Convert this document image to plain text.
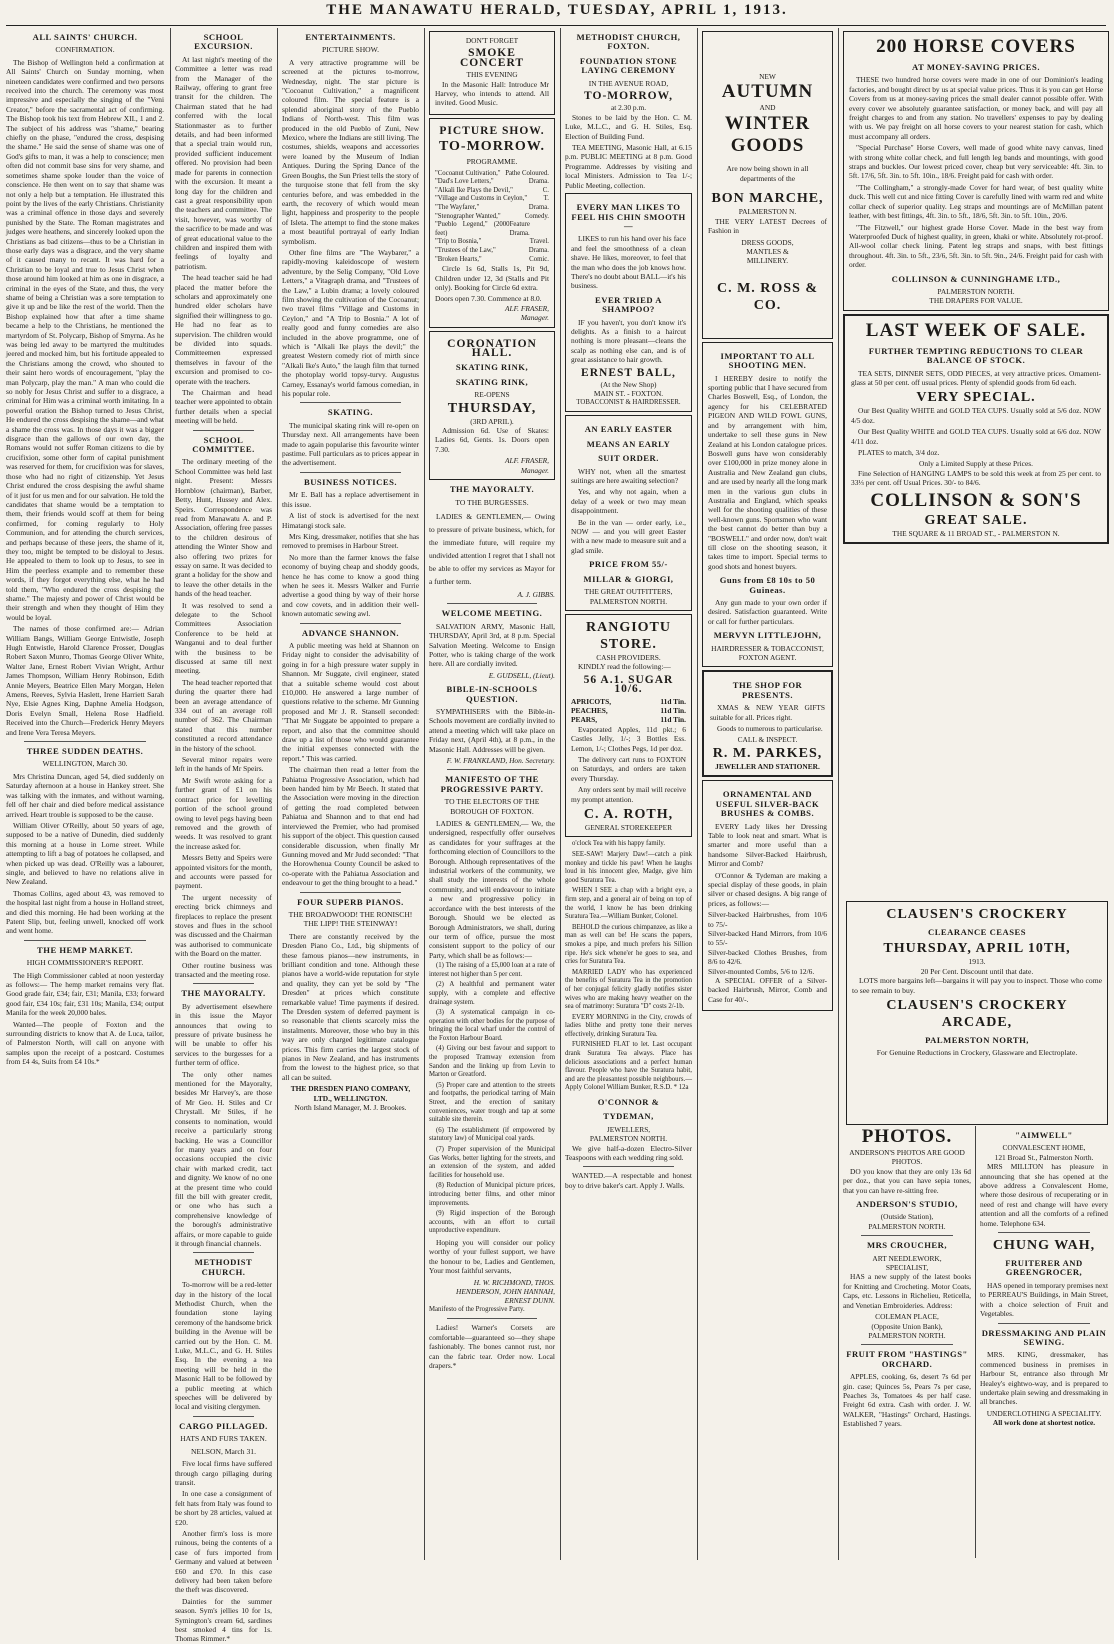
THE MANAWATU HERALD, TUESDAY, APRIL 1, 1913.
ALL SAINTS' CHURCH.
CONFIRMATION.

The Bishop of Wellington held a confirmation at All Saints' Church on Sunday morning, when nineteen candidates were confirmed and two persons received into the church. The ceremony was most impressive and especially the singing of the "Veni Creator," before the sacramental act of confirming. The Bishop took his text from Hebrew XII., 1 and 2. The subject of his address was "shame," bearing chiefly on the phase, "endured the cross, despising the shame." He said the sense of shame was one of God's gifts to man, it was a help to conscience; men often did not commit base sins for very shame, and sometimes shame spoke louder than the voice of conscience. He then went on to say that shame was not only a help but a temptation. He illustrated this point by the lives of the early Christians. Christianity was a criminal offence in those days and severely punished by the State. The Roman magistrates and judges were heathens, and sincerely looked upon the Christians as bad citizens—thus to be a Christian in those early days was a disgrace, and the very shame of it caused many to recant. It was hard for a Christian to be loyal and true to Jesus Christ when those around him looked at him as one in disgrace, a criminal in the eyes of the State, and thus, the very shame of being a Christian was a sore temptation to give it up and be like the rest of the world. Then the Bishop explained how that after a time shame became a help to the Christians, he mentioned the martyrdom of St. Polycarp, Bishop of Smyrna. As he was being led away to be martyred the multitudes jeered and mocked him, but his fortitude appealed to the Christians among the crowd, who shouted to their saint hero words of encouragement, "play the man Polycarp, play the man." A man who could die so nobly for Jesus Christ and suffer to a disgrace, a criminal for Him was a criminal worth imitating. In a powerful oration the Bishop turned to Jesus Christ, He endured the cross despising the shame—and what a shame the cross was. In those days it was a bigger disgrace than the gallows of our own day, the Romans would not suffer Roman citizens to die by crucifixion, some other form of capital punishment was reserved for them, for crucifixion was for slaves, those who had no right of citizenship. Yet Jesus Christ endured the cross despising the awful shame of it just for us men and for our salvation. He told the candidates that shame would be a temptation to them, their friends would scoff at them for being confirmed, for coming regularly to Holy Communion, and for attending the church services, and perhaps because of these jeers, the shame of it, they too, might be tempted to be disloyal to Jesus. He appealed to them to look up to Jesus, to see in Him the peerless example and to remember these words, if they forgot everything else, what he had told them, "Who endured the cross despising the shame." The majesty and power of Christ would be their strength and when they thought of Him they would be loyal.

The names of those confirmed are:— Adrian William Bangs, William George Entwistle, Joseph Hugh Entwistle, Harold Clarence Prosser, Douglas Robert Saxon Munro, Thomas George Oliver White, Walter Jane, Ernest Robert Vivian Wright, Arthur James Thompson, William Henry Robinson, Edith Annie Meyers, Beatrice Ellen Mary Morgan, Helen Amens, Reeves, Sylvia Haslett, Irene Harriett Sarah Nye, Elsie Agnes King, Daphne Amelia Hodgson, Doris Evelyn Small, Helena Rose Hadfield. Received into the Church—Frederick Henry Meyers and Irene Vera Teresa Meyers.

THREE SUDDEN DEATHS.
WELLINGTON, March 30.

Mrs Christina Duncan, aged 54, died suddenly on Saturday afternoon at a house in Hankey street. She was talking with the inmates, and without warning, fell off her chair and died before medical assistance arrived. Heart trouble is supposed to be the cause.

William Oliver O'Reilly, about 50 years of age, supposed to be a native of Dunedin, died suddenly this morning at a house in Lorne street. While attempting to lift a bag of potatoes he collapsed, and when picked up was dead. O'Reilly was a labourer, single, and believed to have no relations alive in New Zealand.

Thomas Collins, aged about 43, was removed to the hospital last night from a house in Holland street, and died this morning. He had been working at the Patent Slip, but, feeling unwell, knocked off work and went home.

THE HEMP MARKET.
HIGH COMMISSIONER'S REPORT.

The High Commissioner cabled at noon yesterday as follows:— The hemp market remains very flat. Good grade fair, £34; fair, £31; Manila, £33; forward good fair, £34 10s; fair, £31 10s; Manila, £34; output Manila for the week 20,000 bales.

Wanted—The people of Foxton and the surrounding districts to know that A. de Luca, tailor, of Palmerston North, will call on anyone with samples upon the receipt of a postcard. Costumes from £4 4s, Suits from £4 10s.*

SCHOOL EXCURSION.

At last night's meeting of the Committee a letter was read from the Manager of the Railway, offering to grant free transit for the children. The Chairman stated that he had conferred with the local Stationmaster as to further details, and had been informed that a special train would run, provided sufficient inducement offered. No provision had been made for parents in connection with the excursion. It meant a long day for the children and cast a great responsibility upon the teachers and committee. The visit, however, was worthy of the sacrifice to be made and was of great educational value to the children and inspired them with feelings of loyalty and patriotism.

The head teacher said he had placed the matter before the scholars and approximately one hundred elder scholars have signified their willingness to go. He had no fear as to supervision. The children would be divided into squads. Committeemen expressed themselves in favour of the excursion and promised to co-operate with the teachers.

The Chairman and head teacher were appointed to obtain further details when a special meeting will be held.

SCHOOL COMMITTEE.

The ordinary meeting of the School Committee was held last night. Present: Messrs Hornblow (chairman), Barber, Betty, Hunt, Hussey and Alex. Speirs. Correspondence was read from Manawatu A. and P. Association, offering free passes to the children desirous of attending the Winter Show and also offering two prizes for essay on same. It was decided to grant a holiday for the show and to leave the other details in the hands of the head teacher.

It was resolved to send a delegate to the School Committees Association Conference to be held at Wanganui and to deal further with the business to be discussed at same till next meeting.

The head teacher reported that during the quarter there had been an average attendance of 334 out of an average roll number of 362. The Chairman stated that this number constituted a record attendance in the history of the school.

Several minor repairs were left in the hands of Mr Speirs.

Mr Swift wrote asking for a further grant of £1 on his contract price for levelling portion of the school ground owing to level pegs having been removed and the growth of weeds. It was resolved to grant the increase asked for.

Messrs Betty and Speirs were appointed visitors for the month, and accounts were passed for payment.

The urgent necessity of erecting brick chimneys and fireplaces to replace the present stoves and flues in the school was discussed and the Chairman was authorised to communicate with the Board on the matter.

Other routine business was transacted and the meeting rose.

THE MAYORALTY.

By advertisement elsewhere in this issue the Mayor announces that owing to pressure of private business he will be unable to offer his services to the burgesses for a further term of office.

The only other names mentioned for the Mayoralty, besides Mr Harvey's, are those of Mr Geo. H. Stiles and Cr Chrystall. Mr Stiles, if he consents to nomination, would receive a particularly strong backing. He was a Councillor for many years and on four occasions occupied the civic chair with marked credit, tact and dignity. We know of no one at the present time who could fill the bill with greater credit, or one who has such a comprehensive knowledge of the borough's administrative affairs, or more capable to guide it through financial channels.

METHODIST CHURCH.

To-morrow will be a red-letter day in the history of the local Methodist Church, when the foundation stone laying ceremony of the handsome brick building in the Avenue will be carried out by the Hon. C. M. Luke, M.L.C., and G. H. Stiles Esq. In the evening a tea meeting will be held in the Masonic Hall to be followed by a public meeting at which speeches will be delivered by local and visiting clergymen.

CARGO PILLAGED.
HATS AND FURS TAKEN.
NELSON, March 31.

Five local firms have suffered through cargo pillaging during transit.

In one case a consignment of felt hats from Italy was found to be short by 28 articles, valued at £20.

Another firm's loss is more ruinous, being the contents of a case of furs imported from Germany and valued at between £60 and £70. In this case delivery had been taken before the theft was discovered.

Dainties for the summer season. Sym's jellies 10 for 1s, Symington's cream 6d, sardines best smoked 4 tins for 1s. Thomas Rimmer.*

ENTERTAINMENTS.
PICTURE SHOW.

A very attractive programme will be screened at the pictures to-morrow, Wednesday, night. The star picture is "Cocoanut Cultivation," a magnificent coloured film. The special feature is a splendid aboriginal story of the Pueblo Indians of North-west. This film was produced in the old Pueblo of Zuni, New Mexico, where the Indians are still living. The costumes, shields, weapons and accessories were loaned by the Museum of Indian Antiques. During the Spring Dance of the Green Boughs, the Sun Priest tells the story of the turquoise stone that fell from the sky centuries before, and was embedded in the earth, the recovery of which would mean light, happiness and prosperity to the people of Isleta. The attempt to find the stone makes a most beautiful portrayal of early Indian symbolism.

Other fine films are "The Waybarer," a rapidly-moving kaleidoscope of western adventure, by the Selig Company, "Old Love Letters," a Vitagraph drama, and "Trustees of the Law," a Lubin drama; a lovely coloured film showing the cultivation of the Cocoanut; two travel films "Village and Customs in Ceylon," and "A Trip to Bosnia." A lot of really good and funny comedies are also included in the above programme, one of which is "Alkali Ike plays the devil;" the greatest Western comedy riot of mirth since "Alkali Ike's Auto," the laugh film that turned the photoplay world topsy-turvy. Augustus Carney, Essanay's world famous comedian, in his popular role.

SKATING.

The municipal skating rink will re-open on Thursday next. All arrangements have been made to again popularise this favourite winter pastime. Full particulars as to prices appear in the advertisement.

BUSINESS NOTICES.

Mr E. Ball has a replace advertisement in this issue.

A list of stock is advertised for the next Himatangi stock sale.

Mrs King, dressmaker, notifies that she has removed to premises in Harbour Street.

No more than the farmer knows the false economy of buying cheap and shoddy goods, hence he has come to know a good thing when he sees it. Messrs Walker and Furrie advertise a good thing by way of their horse and cow covets, and in addition their well-known automatic sewing awl.

ADVANCE SHANNON.

A public meeting was held at Shannon on Friday night to consider the advisability of going in for a high pressure water supply in Shannon. Mr Suggate, civil engineer, stated that a suitable scheme would cost about £10,000. He answered a large number of questions relative to the scheme. Mr Gunning proposed and Mr J. R. Stansell seconded: "That Mr Suggate be appointed to prepare a report, and also that the committee should draw up a list of those who would guarantee the initial expenses connected with the report." This was carried.

The chairman then read a letter from the Pahiatua Progressive Association, which had been handed him by Mr Beech. It stated that the Association were moving in the direction of getting the road completed between Pahiatua and Shannon and to that end had interviewed the Premier, who had promised his support of the object. This question caused considerable discussion, when finally Mr Gunning moved and Mr Judd seconded: "That the Horowhenua County Council be asked to co-operate with the Pahiatua Association and endeavour to get the thing brought to a head."

FOUR SUPERB PIANOS.
THE BROADWOOD! THE RONISCH! THE LIPP! THE STEINWAY!

There are constantly received by the Dresden Piano Co., Ltd., big shipments of these famous pianos—new instruments, in brilliant condition and tone. Although these pianos have a world-wide reputation for style and quality, they can yet be sold by "The Dresden" at prices which constitute remarkable value! Time payments if desired. The Dresden system of deferred payment is so reasonable that clients scarcely miss the instalments. Moreover, those who buy in this way are only charged legitimate catalogue prices. This firm carries the largest stock of pianos in New Zealand, and has instruments from the lowest to the highest price, so that all can be suited.

THE DRESDEN PIANO COMPANY, LTD., WELLINGTON.
North Island Manager, M. J. Brookes.
DON'T FORGET
SMOKE CONCERT
THIS EVENING

In the Masonic Hall: Introduce Mr Harvey, who intends to attend. All invited. Good Music.

PICTURE SHOW.
TO-MORROW.
PROGRAMME.
"Cocoanut Cultivation," Pathe Coloured.
"Dad's Love Letters,"	Drama.
"Alkali Ike Plays the Devil,"	C.
"Village and Customs in Ceylon," T.
"The Wayfarer,"	Drama.
"Stenographer Wanted,"	Comedy.
"Pueblo Legend," (2000 feet)
Feature Drama.
"Trip to Bosnia,"	Travel.
"Trustees of the Law,"	Drama.
"Broken Hearts,"	Comic.

Circle 1s 6d, Stalls 1s, Pit 9d, Children under 12, 3d (Stalls and Pit only). Booking for Circle 6d extra.

Doors open 7.30. Commence at 8.0.
ALF. FRASER,
Manager.
CORONATION HALL.
SKATING RINK,
SKATING RINK,
RE-OPENS
THURSDAY,
(3RD APRIL).

Admission 6d. Use of Skates: Ladies 6d, Gents. 1s. Doors open 7.30.

ALF. FRASER,
Manager.
THE MAYORALTY.
TO THE BURGESSES.

LADIES & GENTLEMEN,— Owing to pressure of private business, which, for the immediate future, will require my undivided attention I regret that I shall not be able to offer my services as Mayor for a further term.

A. J. GIBBS.
WELCOME MEETING.

SALVATION ARMY, Masonic Hall, THURSDAY, April 3rd, at 8 p.m. Special Salvation Meeting. Welcome to Ensign Potter, who is taking charge of the work here. All are cordially invited.

E. GUDSELL, (Lieut).
BIBLE-IN-SCHOOLS QUESTION.

SYMPATHISERS with the Bible-in-Schools movement are cordially invited to attend a meeting which will take place on Friday next, (April 4th), at 8 p.m., in the Masonic Hall. Addresses will be given.

F. W. FRANKLAND, Hon. Secretary.
MANIFESTO OF THE PROGRESSIVE PARTY.
TO THE ELECTORS OF THE BOROUGH OF FOXTON.

LADIES & GENTLEMEN,— We, the undersigned, respectfully offer ourselves as candidates for your suffrages at the forthcoming election of Councillors to the Borough. Although representatives of the industrial workers of the community, we shall study the interests of the whole community, and will endeavour to initiate a new and progressive policy in accordance with the best interests of the Borough. Should we be elected as Borough Administrators, we shall, during our term of office, pursue the most consistent support to the policy of our Party, which shall be as follows:—

(1) The raising of a £5,000 loan at a rate of interest not higher than 5 per cent.

(2) A healthful and permanent water supply, with a complete and effective drainage system.

(3) A systematical campaign in co-operation with other bodies for the purpose of bringing the local wharf under the control of the Foxton Harbour Board.

(4) Giving our best favour and support to the proposed Tramway extension from Sandon and the linking up from Levin to Marton or Greatford.

(5) Proper care and attention to the streets and footpaths, the periodical tarring of Main Street, and the erection of sanitary conveniences, water trough and tap at some suitable site therein.

(6) The establishment (if empowered by statutory law) of Municipal coal yards.

(7) Proper supervision of the Municipal Gas Works, better lighting for the streets, and an extension of the system, and added facilities for household use.

(8) Reduction of Municipal picture prices, introducing better films, and other minor improvements.

(9) Rigid inspection of the Borough accounts, with an effort to curtail unproductive expenditure.

Hoping you will consider our policy worthy of your fullest support, we have the honour to be, Ladies and Gentlemen, Your most faithful servants,

H. W. RICHMOND, THOS. HENDERSON, JOHN HANNAH, ERNEST DUNN.
Manifesto of the Progressive Party.

Ladies! Warner's Corsets are comfortable—guaranteed so—they shape fashionably. The bones cannot rust, nor can the fabric tear. Order now. Local drapers.*

METHODIST CHURCH, FOXTON.
FOUNDATION STONE LAYING CEREMONY
IN THE AVENUE ROAD,
TO-MORROW,
at 2.30 p.m.

Stones to be laid by the Hon. C. M. Luke, M.L.C., and G. H. Stiles, Esq. Election of Building Fund.

TEA MEETING, Masonic Hall, at 6.15 p.m. PUBLIC MEETING at 8 p.m. Good Programme. Addresses by visiting and local Ministers. Admission to Tea 1/-; Public Meeting, collection.

EVERY MAN LIKES TO FEEL HIS CHIN SMOOTH—

LIKES to run his hand over his face and feel the smoothness of a clean shave. He likes, moreover, to feel that the man who does the job knows how. There's no doubt about BALL—it's his business.

EVER TRIED A SHAMPOO?

IF you haven't, you don't know it's delights. As a finish to a haircut nothing is more pleasant—cleans the scalp as nothing else can, and is of great assistance to hair growth.

ERNEST BALL,
(At the New Shop)
MAIN ST. - FOXTON.
TOBACCONIST & HAIRDRESSER.
AN EARLY EASTER
MEANS AN EARLY
SUIT ORDER.

WHY not, when all the smartest suitings are here awaiting selection?

Yes, and why not again, when a delay of a week or two may mean disappointment.

Be in the van — order early, i.e., NOW — and you will greet Easter with a new made to measure suit and a glad smile.

PRICE FROM 55/-
MILLAR & GIORGI,
THE GREAT OUTFITTERS,
PALMERSTON NORTH.
RANGIOTU
STORE.
CASH PROVIDERS.

KINDLY read the following:—

56 A.1. SUGAR 10/6.
APRICOTS,	11d Tin.
PEACHES,	11d Tin.
PEARS,	11d Tin.

Evaporated Apples, 11d pkt.; 6 Castles Jelly, 1/-; 3 Bottles Ess. Lemon, 1/-; Clothes Pegs, 1d per doz.

The delivery cart runs to FOXTON on Saturdays, and orders are taken every Thursday.

Any orders sent by mail will receive my prompt attention.

C. A. ROTH,
GENERAL STOREKEEPER

o'clock Tea with his happy family.

SEE-SAW! Marjery Daw!—catch a pink monkey and tickle his paw! When he laughs loud in his innocent glee, Madge, give him good Suratura Tea.

WHEN I SEE a chap with a bright eye, a firm step, and a general air of being on top of the world, I know he has been drinking Suratura Tea.—William Bunker, Colonel.

BEHOLD the curious chimpanzee, as like a man as well can be! He scans the papers, smokes a pipe, and much prefers his Sillion ripe. He's sick whene'er he goes to sea, and cries for Suratura Tea.

MARRIED LADY who has experienced the benefits of Suratura Tea in the promotion of her conjugal felicity gladly notifies sister wives who are making heavy weather on the sea of matrimony: Suratura "D" costs 2/-1b.

EVERY MORNING in the City, crowds of ladies blithe and pretty tone their nerves effectively, drinking Suratura Tea.

FURNISHED FLAT to let. Last occupant drank Suratura Tea always. Place has delicious associations and a perfect human flavour. People who have the Suratura habit, and are the pleasantest possible neighbours.—Apply Colonel William Bunker, R.S.D. * 12a

O'CONNOR &
TYDEMAN,
JEWELLERS,
PALMERSTON NORTH.

We give half-a-dozen Electro-Silver Teaspoons with each wedding ring sold.

WANTED.—A respectable and honest boy to drive baker's cart. Apply J. Walls.

NEW
AUTUMN
AND
WINTER
GOODS

Are now being shown in all departments of the

BON MARCHE,
PALMERSTON N.

THE VERY LATEST Decrees of Fashion in

DRESS GOODS,
MANTLES &
MILLINERY.
C. M. ROSS & CO.
IMPORTANT TO ALL SHOOTING MEN.

I HEREBY desire to notify the sporting public that I have secured from Charles Boswell, Esq., of London, the agency for his CELEBRATED PIGEON AND WILD FOWL GUNS, and by arrangement with him, undertake to sell these guns in New Zealand at his London catalogue prices. Boswell guns have won considerably over £100,000 in prize money alone in Australia and New Zealand gun clubs, and are used by nearly all the long mark men in the various gun clubs in Australia and England, which speaks well for the shooting qualities of these well-known guns. Sportsmen who want the best cannot do better than buy a "BOSWELL" and order now, don't wait till close on the shooting season, it takes time to import. Special terms to good shots and honest buyers.

Guns from £8 10s to 50 Guineas.

Any gun made to your own order if desired. Satisfaction guaranteed. Write or call for further particulars.

MERVYN LITTLEJOHN,
HAIRDRESSER & TOBACCONIST,
FOXTON AGENT.
THE SHOP FOR PRESENTS.

XMAS & NEW YEAR GIFTS suitable for all. Prices right.

Goods to numerous to particularise.

CALL & INSPECT.
R. M. PARKES,
JEWELLER AND STATIONER.
ORNAMENTAL AND USEFUL SILVER-BACK BRUSHES & COMBS.

EVERY Lady likes her Dressing Table to look neat and smart. What is smarter and more useful than a handsome Silver-Backed Hairbrush, Mirror and Comb?

O'Connor & Tydeman are making a special display of these goods, in plain silver or chased designs. A big range of prices, as follows:—

Silver-backed Hairbrushes, from 10/6 to 75/-
Silver-backed Hand Mirrors, from 10/6 to 55/-
Silver-backed Clothes Brushes, from 8/6 to 42/6.
Silver-mounted Combs, 5/6 to 12/6.

A SPECIAL OFFER of a Silver-backed Hairbrush, Mirror, Comb and Case for 40/-.

200 HORSE COVERS
AT MONEY-SAVING PRICES.

THESE two hundred horse covers were made in one of our Dominion's leading factories, and bought direct by us at special value prices. Thus it is you can get Horse Covers from us at money-saving prices the small dealer cannot possible offer. With every cover we absolutely guarantee satisfaction, or money back, and will pay all freight charges to and from any station. No travellers' expenses to pay by dealing with us. We pay freight on all horse covers to your nearest station for cash, which must accompany all orders.

"Special Purchase" Horse Covers, well made of good white navy canvas, lined with strong white collar check, and full length leg bands and mountings, with good straps and buckles. Our lowest priced cover, cheap but very serviceable: 4ft. 3in. to 5ft. 17/6, 5ft. 3in. to 5ft. 10in., 18/6. Freight paid for cash with order.

"The Collingham," a strongly-made Cover for hard wear, of best quality white duck. This well cut and nice fitting Cover is carefully lined with warm red and white collar check of superior quality. Leg straps and mountings are of McMillan patent leather, with best fittings, 4ft. 3in. to 5ft., 18/6, 5ft. 3in. to 5ft. 10in., 20/6.

"The Fitzwell," our highest grade Horse Cover. Made in the best way from Waterproofed Duck of highest quality, in green, khaki or white. Absolutely rot-proof. All-wool collar check lining. Patent leg straps and snaps, with best fittings throughout. 4ft. 3in. to 5ft., 23/6, 5ft. 3in. to 5ft. 9in., 24/6. Freight paid for cash with order.

COLLINSON & CUNNINGHAME LTD.,
PALMERSTON NORTH.
THE DRAPERS FOR VALUE.
LAST WEEK OF SALE.
FURTHER TEMPTING REDUCTIONS TO CLEAR BALANCE OF STOCK.

TEA SETS, DINNER SETS, ODD PIECES, at very attractive prices. Ornament-glass at 50 per cent. off usual prices. Plenty of splendid goods from 6d each.

VERY SPECIAL.

Our Best Quality WHITE and GOLD TEA CUPS. Usually sold at 5/6 doz. NOW 4/5 doz.

Our Best Quality WHITE and GOLD TEA CUPS. Usually sold at 6/6 doz. NOW 4/11 doz.

PLATES to match, 3/4 doz.

Only a Limited Supply at these Prices.

Fine Selection of HANGING LAMPS to be sold this week at from 25 per cent. to 33⅓ per cent. off Usual Prices. 30/- to 84/6.

COLLINSON & SON'S
GREAT SALE.
THE SQUARE & 11 BROAD ST., - PALMERSTON N.
CLAUSEN'S CROCKERY
CLEARANCE CEASES
THURSDAY, APRIL 10TH,
1913.
20 Per Cent. Discount until that date.

LOTS more bargains left—bargains it will pay you to inspect. Those who come to see remain to buy.

CLAUSEN'S CROCKERY
ARCADE,
PALMERSTON NORTH,
For Genuine Reductions in Crockery, Glassware and Electroplate.
PHOTOS.
ANDERSON'S PHOTOS ARE GOOD PHOTOS.

DO you know that they are only 13s 6d per doz., that you can have sepia tones, that you can have re-sitting free.

ANDERSON'S STUDIO,
(Outside Station),
PALMERSTON NORTH.
MRS CROUCHER,
ART NEEDLEWORK,
SPECIALIST,

HAS a new supply of the latest books for Knitting and Crocheting. Motor Coats, Caps, etc. Lessons in Richelieu, Reticella, and Venetian Embroideries. Address:

COLEMAN PLACE,
(Opposite Union Bank),
PALMERSTON NORTH.
FRUIT FROM "HASTINGS" ORCHARD.

APPLES, cooking, 6s, desert 7s 6d per gin. case; Quinces 5s, Pears 7s per case, Peaches 3s, Tomatoes 4s per half case. Freight 6d extra. Cash with order. J. W. WALKER, "Hastings" Orchard, Hastings. Established 7 years.

"AIMWELL"
CONVALESCENT HOME,
121 Broad St., Palmerston North.

MRS MILLTON has pleasure in announcing that she has opened at the above address a Convalescent Home, where those desirous of recuperating or in need of rest and change will have every attention and all the comforts of a refined home. Telephone 634.

CHUNG WAH,
FRUITERER AND GREENGROCER,

HAS opened in temporary premises next to PERREAU'S Buildings, in Main Street, with a choice selection of Fruit and Vegetables.

DRESSMAKING AND PLAIN SEWING.

MRS. KING, dressmaker, has commenced business in premises in Harbour St, entrance also through Mr Healey's eightwo-way, and is prepared to undertake plain sewing and dressmaking in all branches.

UNDERCLOTHING A SPECIALITY.
All work done at shortest notice.
